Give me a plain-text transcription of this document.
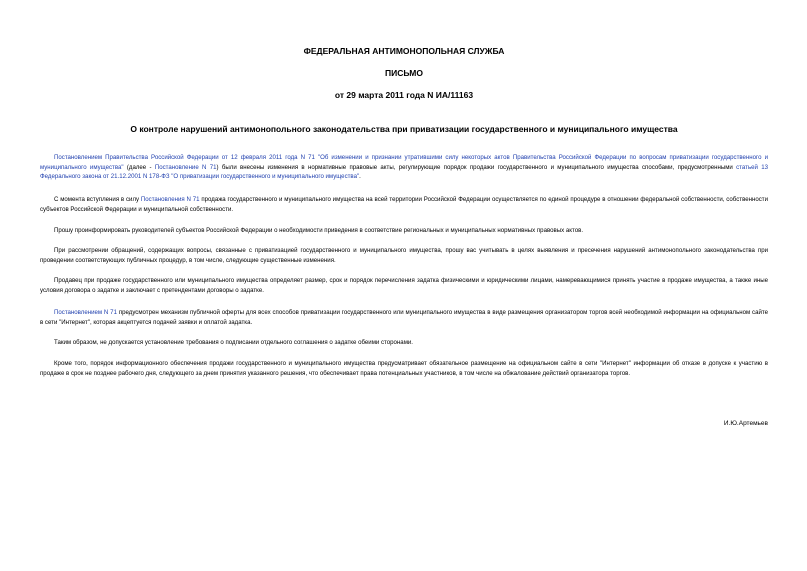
ФЕДЕРАЛЬНАЯ АНТИМОНОПОЛЬНАЯ СЛУЖБА
ПИСЬМО
от 29 марта 2011 года N ИА/11163
О контроле нарушений антимонопольного законодательства при приватизации государственного и муниципального имущества

Постановлением Правительства Российской Федерации от 12 февраля 2011 года N 71 "Об изменении и признании утратившими силу некоторых актов Правительства Российской Федерации по вопросам приватизации государственного и муниципального имущества" (далее - Постановление N 71) были внесены изменения в нормативные правовые акты, регулирующие порядок продажи государственного и муниципального имущества способами, предусмотренными статьей 13 Федерального закона от 21.12.2001 N 178-ФЗ "О приватизации государственного и муниципального имущества".

С момента вступления в силу Постановления N 71 продажа государственного и муниципального имущества на всей территории Российской Федерации осуществляется по единой процедуре в отношении федеральной собственности, собственности субъектов Российской Федерации и муниципальной собственности.

Прошу проинформировать руководителей субъектов Российской Федерации о необходимости приведения в соответствие региональных и муниципальных нормативных правовых актов.

При рассмотрении обращений, содержащих вопросы, связанные с приватизацией государственного и муниципального имущества, прошу вас учитывать в целях выявления и пресечения нарушений антимонопольного законодательства при проведении соответствующих публичных процедур, в том числе, следующие существенные изменения.

Продавец при продаже государственного или муниципального имущества определяет размер, срок и порядок перечисления задатка физическими и юридическими лицами, намеревающимися принять участие в продаже имущества, а также иные условия договора о задатке и заключает с претендентами договоры о задатке.

Постановлением N 71 предусмотрен механизм публичной оферты для всех способов приватизации государственного или муниципального имущества в виде размещения организатором торгов всей необходимой информации на официальном сайте в сети "Интернет", которая акцептуется подачей заявки и оплатой задатка.

Таким образом, не допускается установление требования о подписании отдельного соглашения о задатке обеими сторонами.

Кроме того, порядок информационного обеспечения продажи государственного и муниципального имущества предусматривает обязательное размещение на официальном сайте в сети "Интернет" информации об отказе в допуске к участию в продаже в срок не позднее рабочего дня, следующего за днем принятия указанного решения, что обеспечивает права потенциальных участников, в том числе на обжалование действий организатора торгов.

И.Ю.Артемьев
